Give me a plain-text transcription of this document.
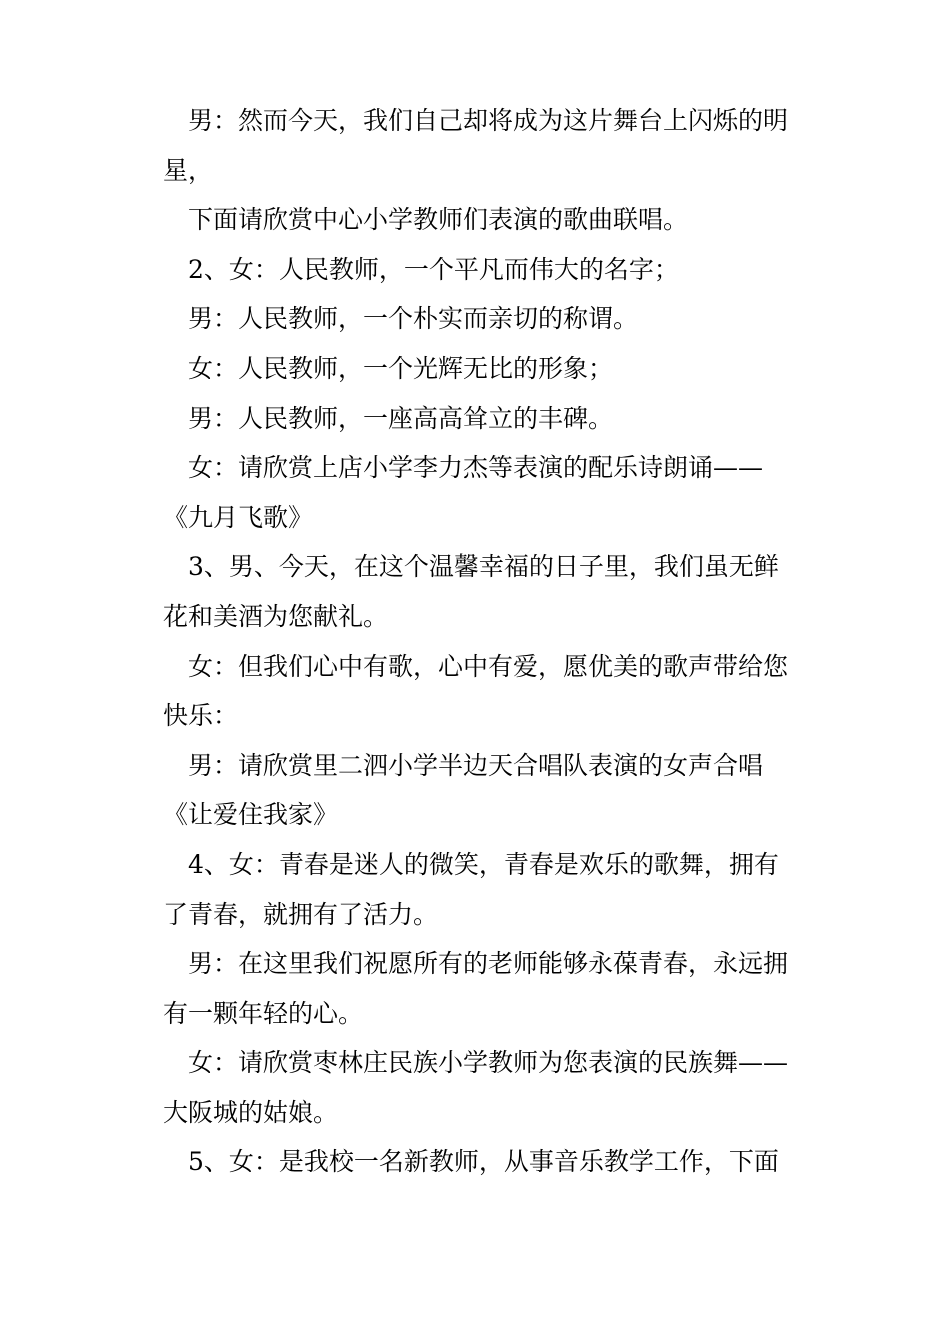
男：然而今天，我们自己却将成为这片舞台上闪烁的明星，

下面请欣赏中心小学教师们表演的歌曲联唱。

2、女：人民教师，一个平凡而伟大的名字；

男：人民教师，一个朴实而亲切的称谓。

女：人民教师，一个光辉无比的形象；

男：人民教师，一座高高耸立的丰碑。

女：请欣赏上店小学李力杰等表演的配乐诗朗诵——《九月飞歌》

3、男、今天，在这个温馨幸福的日子里，我们虽无鲜花和美酒为您献礼。

女：但我们心中有歌，心中有爱，愿优美的歌声带给您快乐：

男：请欣赏里二泗小学半边天合唱队表演的女声合唱《让爱住我家》

4、女：青春是迷人的微笑，青春是欢乐的歌舞，拥有了青春，就拥有了活力。

男：在这里我们祝愿所有的老师能够永葆青春，永远拥有一颗年轻的心。

女：请欣赏枣林庄民族小学教师为您表演的民族舞——大阪城的姑娘。

5、女：是我校一名新教师，从事音乐教学工作，下面
